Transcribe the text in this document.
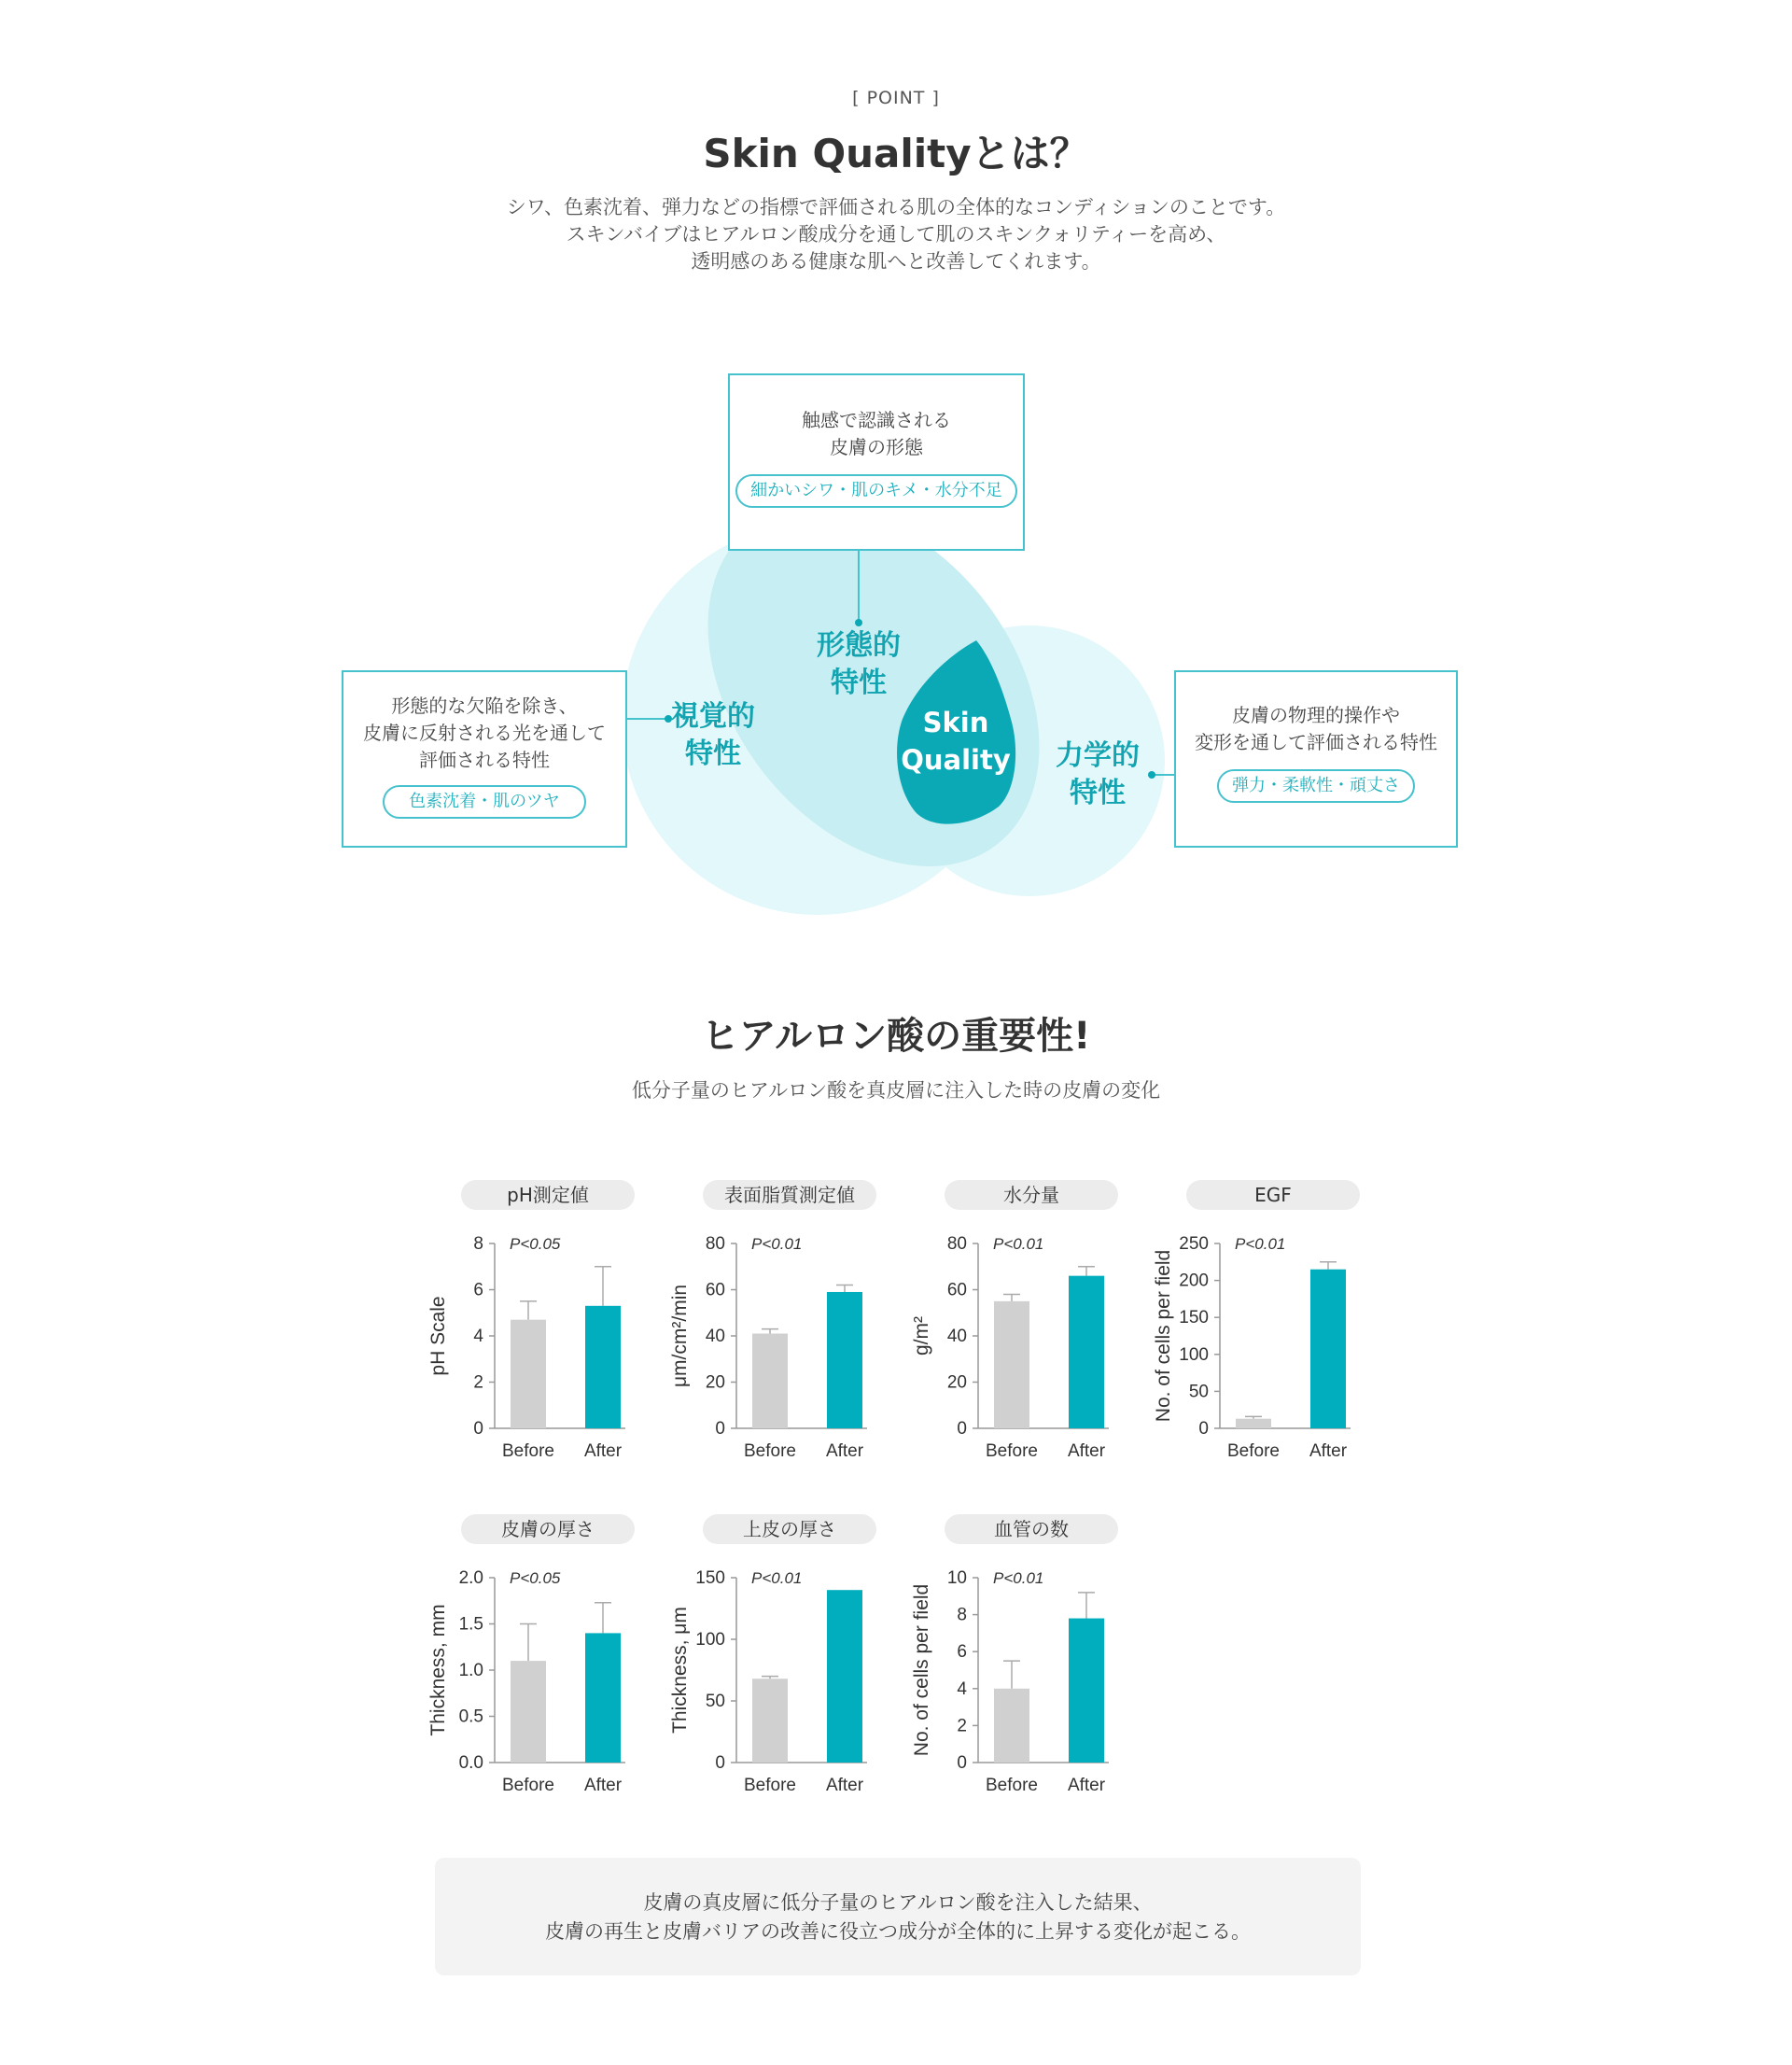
[ POINT ]
Skin Qualityとは？
シワ、色素沈着、弾力などの指標で評価される肌の全体的なコンディションのことです。
スキンバイブはヒアルロン酸成分を通して肌のスキンクォリティーを高め、
透明感のある健康な肌へと改善してくれます。
形態的
特性
視覚的
特性	力学的
特性
Skin
Quality
触感で認識される
皮膚の形態
細かいシワ・肌のキメ・水分不足
形態的な欠陥を除き、
皮膚に反射される光を通して
評価される特性
色素沈着・肌のツヤ
皮膚の物理的操作や
変形を通して評価される特性
弾力・柔軟性・頑丈さ
ヒアルロン酸の重要性!
低分子量のヒアルロン酸を真皮層に注入した時の皮膚の変化
pH測定値
0
2
4
6
8
pH Scale
P<0.05
Before After
表面脂質測定値
0
20
40
60
80
μm/cm²/min
P<0.01
Before After
水分量
0
20
40
60
80
g/m²
P<0.01
Before After
EGF
0
50
100
150
200
250
No. of cells per field
P<0.01
Before After
皮膚の厚さ
0.0
0.5
1.0
1.5
2.0
Thickness, mm
P<0.05
Before After
上皮の厚さ
0
50
100
150
Thickness, μm
P<0.01
Before After
血管の数
0
2
4
6
8
10
No. of cells per field
P<0.01
Before After
皮膚の真皮層に低分子量のヒアルロン酸を注入した結果、
皮膚の再生と皮膚バリアの改善に役立つ成分が全体的に上昇する変化が起こる。
